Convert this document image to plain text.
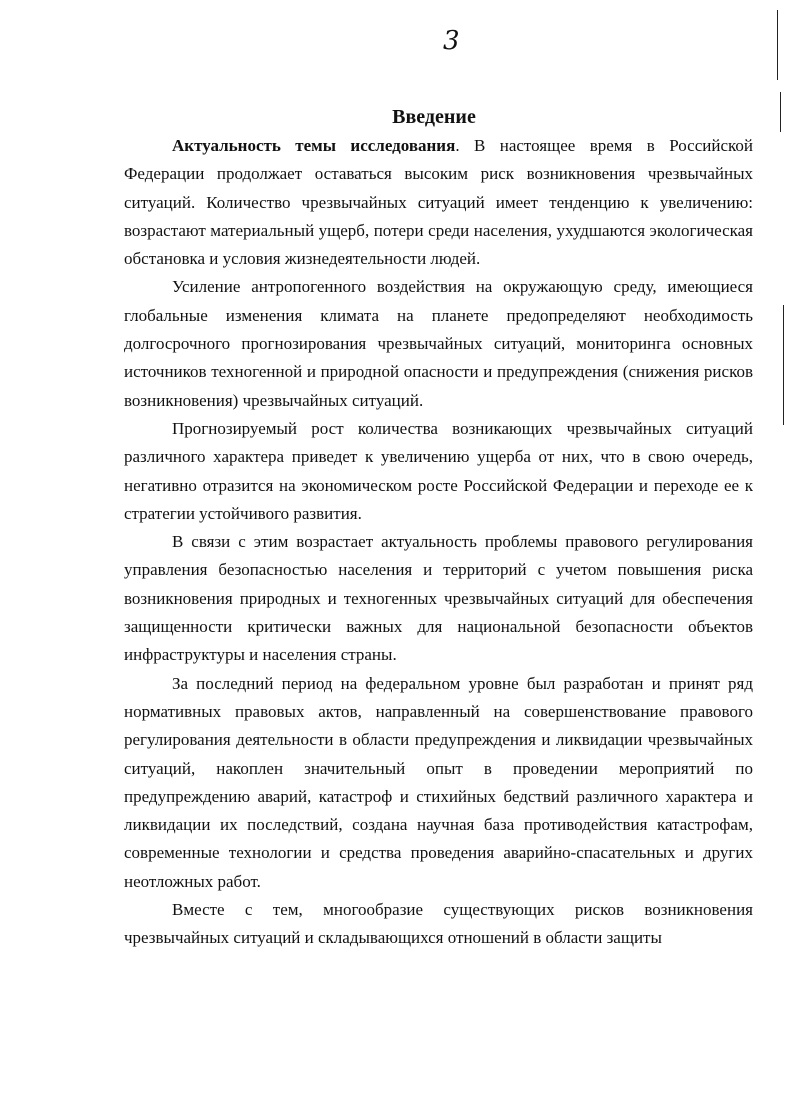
3
Введение

Актуальность темы исследования. В настоящее время в Российской Федерации продолжает оставаться высоким риск возникновения чрезвычайных ситуаций. Количество чрезвычайных ситуаций имеет тенденцию к увеличению: возрастают материальный ущерб, потери среди населения, ухудшаются экологическая обстановка и условия жизнедеятельности людей.

Усиление антропогенного воздействия на окружающую среду, имеющиеся глобальные изменения климата на планете предопределяют необходимость долгосрочного прогнозирования чрезвычайных ситуаций, мониторинга основных источников техногенной и природной опасности и предупреждения (снижения рисков возникновения) чрезвычайных ситуаций.

Прогнозируемый рост количества возникающих чрезвычайных ситуаций различного характера приведет к увеличению ущерба от них, что в свою очередь, негативно отразится на экономическом росте Российской Федерации и переходе ее к стратегии устойчивого развития.

В связи с этим возрастает актуальность проблемы правового регулирования управления безопасностью населения и территорий с учетом повышения риска возникновения природных и техногенных чрезвычайных ситуаций для обеспечения защищенности критически важных для национальной безопасности объектов инфраструктуры и населения страны.

За последний период на федеральном уровне был разработан и принят ряд нормативных правовых актов, направленный на совершенствование правового регулирования деятельности в области предупреждения и ликвидации чрезвычайных ситуаций, накоплен значительный опыт в проведении мероприятий по предупреждению аварий, катастроф и стихийных бедствий различного характера и ликвидации их последствий, создана научная база противодействия катастрофам, современные технологии и средства проведения аварийно-спасательных и других неотложных работ.

Вместе с тем, многообразие существующих рисков возникновения чрезвычайных ситуаций и складывающихся отношений в области защиты
